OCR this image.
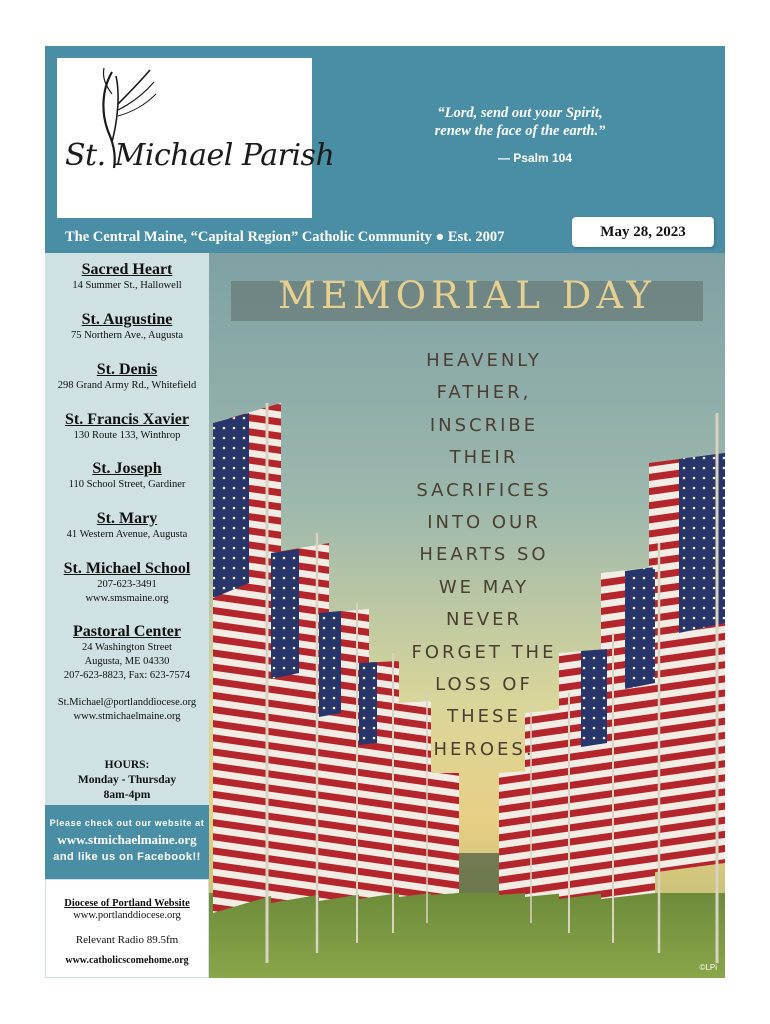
St. Michael Parish
“Lord, send out your Spirit,
renew the face of the earth.”
— Psalm 104
The Central Maine, “Capital Region” Catholic Community ● Est. 2007	May 28, 2023
Sacred Heart
14 Summer St., Hallowell
St. Augustine
75 Northern Ave., Augusta
St. Denis
298 Grand Army Rd., Whitefield
St. Francis Xavier
130 Route 133, Winthrop
St. Joseph
110 School Street, Gardiner
St. Mary
41 Western Avenue, Augusta
St. Michael School
207-623-3491
www.smsmaine.org
Pastoral Center
24 Washington Street
Augusta, ME 04330
207-623-8823, Fax: 623-7574
St.Michael@portlanddiocese.org
www.stmichaelmaine.org
HOURS:
Monday - Thursday
8am-4pm
Please check out our website at
www.stmichaelmaine.org
and like us on Facebook!!
Diocese of Portland Website
www.portlanddiocese.org
Relevant Radio 89.5fm
www.catholicscomehome.org
MEMORIAL DAY
HEAVENLY
FATHER,
INSCRIBE
THEIR
SACRIFICES
INTO OUR
HEARTS SO
WE MAY
NEVER
FORGET THE
LOSS OF
THESE
HEROES.
©LPi
